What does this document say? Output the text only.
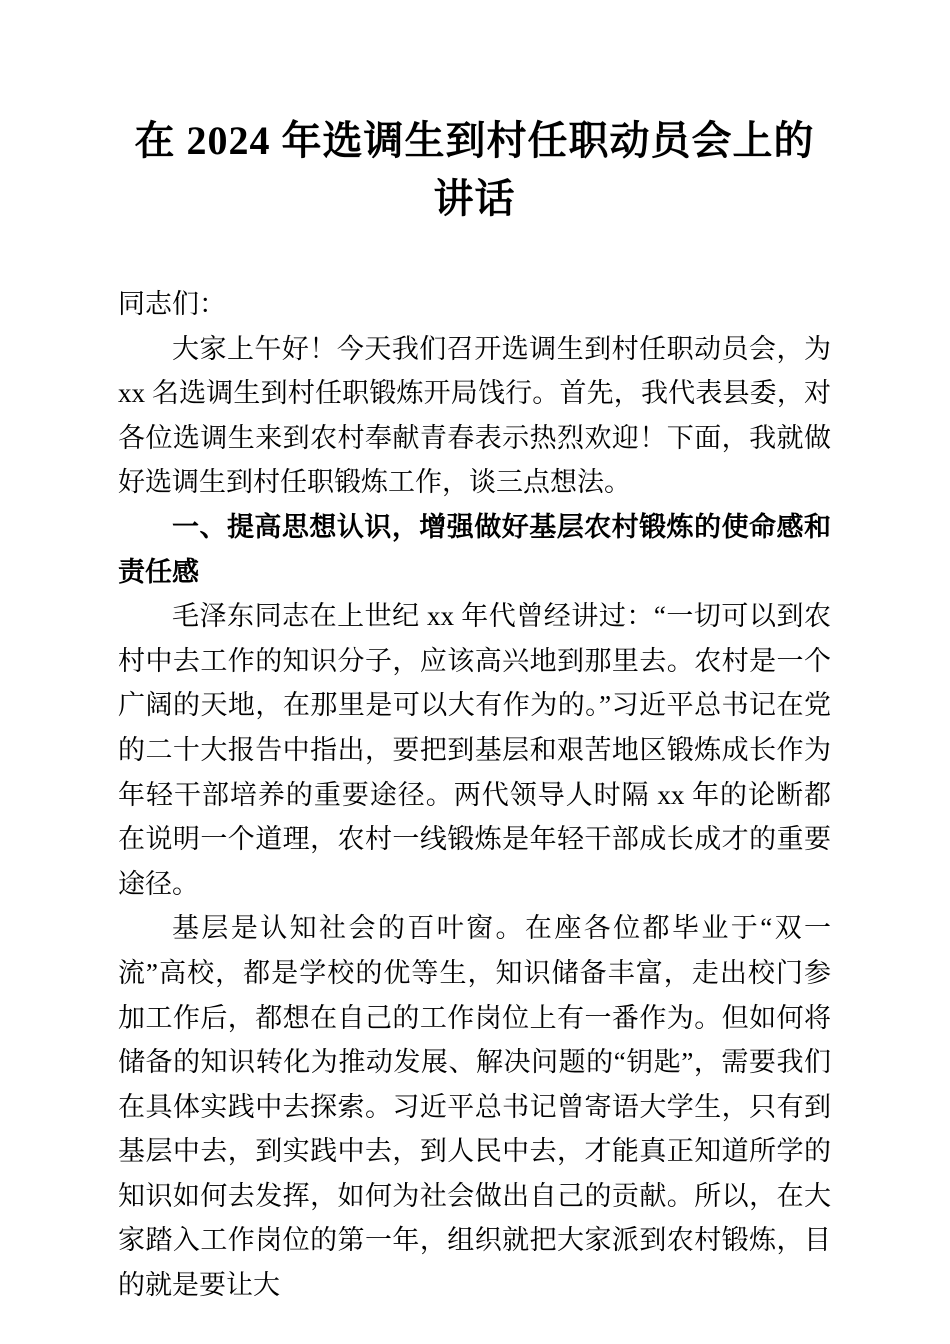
在 2024 年选调生到村任职动员会上的讲话

同志们：

大家上午好！今天我们召开选调生到村任职动员会，为 xx 名选调生到村任职锻炼开局饯行。首先，我代表县委，对各位选调生来到农村奉献青春表示热烈欢迎！下面，我就做好选调生到村任职锻炼工作，谈三点想法。

一、提高思想认识，增强做好基层农村锻炼的使命感和责任感

毛泽东同志在上世纪 xx 年代曾经讲过：“一切可以到农村中去工作的知识分子，应该高兴地到那里去。农村是一个广阔的天地，在那里是可以大有作为的。”习近平总书记在党的二十大报告中指出，要把到基层和艰苦地区锻炼成长作为年轻干部培养的重要途径。两代领导人时隔 xx 年的论断都在说明一个道理，农村一线锻炼是年轻干部成长成才的重要途径。

基层是认知社会的百叶窗。在座各位都毕业于“双一流”高校，都是学校的优等生，知识储备丰富，走出校门参加工作后，都想在自己的工作岗位上有一番作为。但如何将储备的知识转化为推动发展、解决问题的“钥匙”，需要我们在具体实践中去探索。习近平总书记曾寄语大学生，只有到基层中去，到实践中去，到人民中去，才能真正知道所学的知识如何去发挥，如何为社会做出自己的贡献。所以，在大家踏入工作岗位的第一年，组织就把大家派到农村锻炼，目的就是要让大
